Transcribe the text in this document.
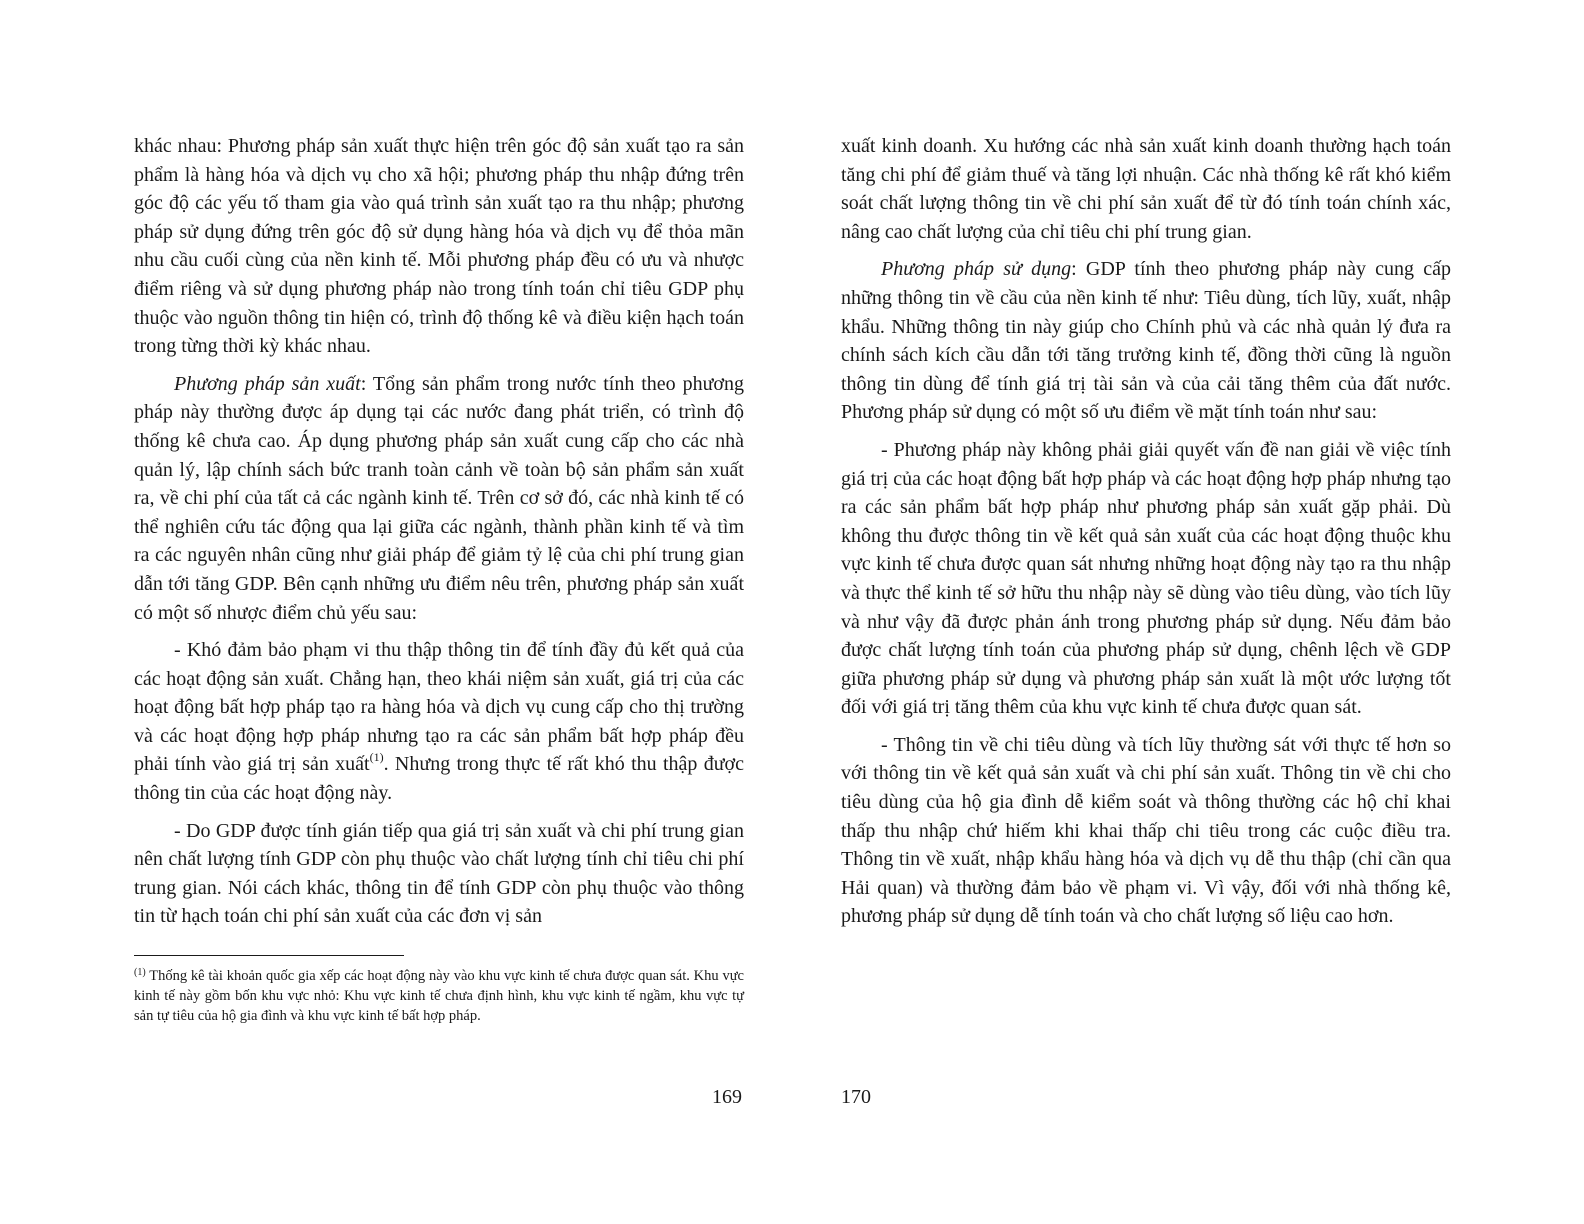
khác nhau: Phương pháp sản xuất thực hiện trên góc độ sản xuất tạo ra sản phẩm là hàng hóa và dịch vụ cho xã hội; phương pháp thu nhập đứng trên góc độ các yếu tố tham gia vào quá trình sản xuất tạo ra thu nhập; phương pháp sử dụng đứng trên góc độ sử dụng hàng hóa và dịch vụ để thỏa mãn nhu cầu cuối cùng của nền kinh tế. Mỗi phương pháp đều có ưu và nhược điểm riêng và sử dụng phương pháp nào trong tính toán chỉ tiêu GDP phụ thuộc vào nguồn thông tin hiện có, trình độ thống kê và điều kiện hạch toán trong từng thời kỳ khác nhau.

Phương pháp sản xuất: Tổng sản phẩm trong nước tính theo phương pháp này thường được áp dụng tại các nước đang phát triển, có trình độ thống kê chưa cao. Áp dụng phương pháp sản xuất cung cấp cho các nhà quản lý, lập chính sách bức tranh toàn cảnh về toàn bộ sản phẩm sản xuất ra, về chi phí của tất cả các ngành kinh tế. Trên cơ sở đó, các nhà kinh tế có thể nghiên cứu tác động qua lại giữa các ngành, thành phần kinh tế và tìm ra các nguyên nhân cũng như giải pháp để giảm tỷ lệ của chi phí trung gian dẫn tới tăng GDP. Bên cạnh những ưu điểm nêu trên, phương pháp sản xuất có một số nhược điểm chủ yếu sau:

- Khó đảm bảo phạm vi thu thập thông tin để tính đầy đủ kết quả của các hoạt động sản xuất. Chẳng hạn, theo khái niệm sản xuất, giá trị của các hoạt động bất hợp pháp tạo ra hàng hóa và dịch vụ cung cấp cho thị trường và các hoạt động hợp pháp nhưng tạo ra các sản phẩm bất hợp pháp đều phải tính vào giá trị sản xuất$^{(1)}$. Nhưng trong thực tế rất khó thu thập được thông tin của các hoạt động này.

- Do GDP được tính gián tiếp qua giá trị sản xuất và chi phí trung gian nên chất lượng tính GDP còn phụ thuộc vào chất lượng tính chỉ tiêu chi phí trung gian. Nói cách khác, thông tin để tính GDP còn phụ thuộc vào thông tin từ hạch toán chi phí sản xuất của các đơn vị sản

$^{(1)}$ Thống kê tài khoản quốc gia xếp các hoạt động này vào khu vực kinh tế chưa được quan sát. Khu vực kinh tế này gồm bốn khu vực nhỏ: Khu vực kinh tế chưa định hình, khu vực kinh tế ngầm, khu vực tự sản tự tiêu của hộ gia đình và khu vực kinh tế bất hợp pháp.

169

xuất kinh doanh. Xu hướng các nhà sản xuất kinh doanh thường hạch toán tăng chi phí để giảm thuế và tăng lợi nhuận. Các nhà thống kê rất khó kiểm soát chất lượng thông tin về chi phí sản xuất để từ đó tính toán chính xác, nâng cao chất lượng của chỉ tiêu chi phí trung gian.

Phương pháp sử dụng: GDP tính theo phương pháp này cung cấp những thông tin về cầu của nền kinh tế như: Tiêu dùng, tích lũy, xuất, nhập khẩu. Những thông tin này giúp cho Chính phủ và các nhà quản lý đưa ra chính sách kích cầu dẫn tới tăng trưởng kinh tế, đồng thời cũng là nguồn thông tin dùng để tính giá trị tài sản và của cải tăng thêm của đất nước. Phương pháp sử dụng có một số ưu điểm về mặt tính toán như sau:

- Phương pháp này không phải giải quyết vấn đề nan giải về việc tính giá trị của các hoạt động bất hợp pháp và các hoạt động hợp pháp nhưng tạo ra các sản phẩm bất hợp pháp như phương pháp sản xuất gặp phải. Dù không thu được thông tin về kết quả sản xuất của các hoạt động thuộc khu vực kinh tế chưa được quan sát nhưng những hoạt động này tạo ra thu nhập và thực thể kinh tế sở hữu thu nhập này sẽ dùng vào tiêu dùng, vào tích lũy và như vậy đã được phản ánh trong phương pháp sử dụng. Nếu đảm bảo được chất lượng tính toán của phương pháp sử dụng, chênh lệch về GDP giữa phương pháp sử dụng và phương pháp sản xuất là một ước lượng tốt đối với giá trị tăng thêm của khu vực kinh tế chưa được quan sát.

- Thông tin về chi tiêu dùng và tích lũy thường sát với thực tế hơn so với thông tin về kết quả sản xuất và chi phí sản xuất. Thông tin về chi cho tiêu dùng của hộ gia đình dễ kiểm soát và thông thường các hộ chỉ khai thấp thu nhập chứ hiếm khi khai thấp chi tiêu trong các cuộc điều tra. Thông tin về xuất, nhập khẩu hàng hóa và dịch vụ dễ thu thập (chỉ cần qua Hải quan) và thường đảm bảo về phạm vi. Vì vậy, đối với nhà thống kê, phương pháp sử dụng dễ tính toán và cho chất lượng số liệu cao hơn.

170
